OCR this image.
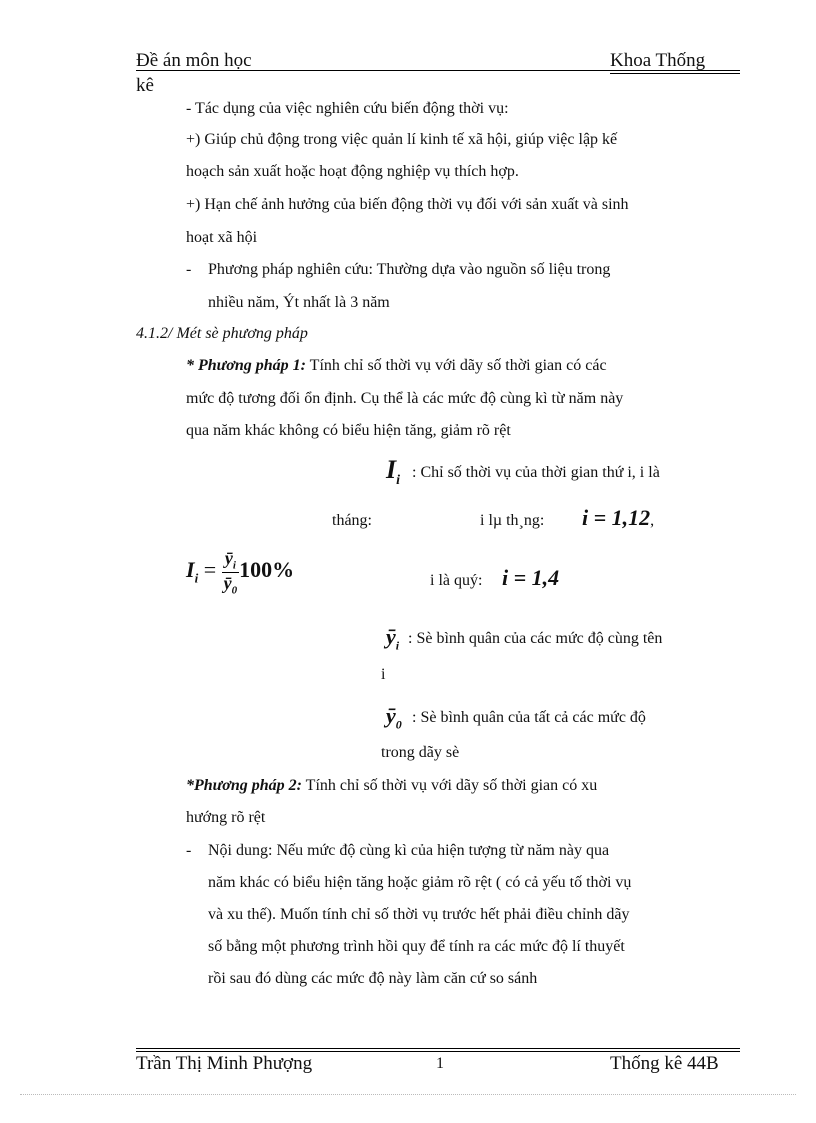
Đề án môn học	Khoa Thống
kê
- Tác dụng của việc nghiên cứu biến động thời vụ:
+) Giúp chủ động trong việc quản lí kinh tế xã hội, giúp việc lập kế
hoạch sản xuất hoặc hoạt động nghiệp vụ thích hợp.
+) Hạn chế ảnh hưởng của biến động thời vụ đối với sản xuất và sinh
hoạt xã hội
- Phương pháp nghiên cứu: Thường dựa vào nguồn số liệu trong
nhiều năm, Ýt nhất là 3 năm
4.1.2/ Mét sè phương pháp
* Phương pháp 1: Tính chỉ số thời vụ với dãy số thời gian có các
mức độ tương đối ổn định. Cụ thể là các mức độ cùng kì từ năm này
qua năm khác không có biểu hiện tăng, giảm rõ rệt
$I_i$ : Chỉ số thời vụ của thời gian thứ i, i là
tháng:	i lµ th¸ng: i = 1,12,
$I_i = \frac{ȳ_i}{ȳ_0} 100\%$	i là quý: i = 1,4
$ȳ_i$ : Sè bình quân của các mức độ cùng tên
i
$ȳ_0$ : Sè bình quân của tất cả các mức độ
trong dãy sè
*Phương pháp 2: Tính chỉ số thời vụ với dãy số thời gian có xu
hướng rõ rệt
- Nội dung: Nếu mức độ cùng kì của hiện tượng từ năm này qua
năm khác có biểu hiện tăng hoặc giảm rõ rệt ( có cả yếu tố thời vụ
và xu thế). Muốn tính chỉ số thời vụ trước hết phải điều chỉnh dãy
số bằng một phương trình hồi quy để tính ra các mức độ lí thuyết
rồi sau đó dùng các mức độ này làm căn cứ so sánh
Trần Thị Minh Phượng	1	Thống kê 44B
